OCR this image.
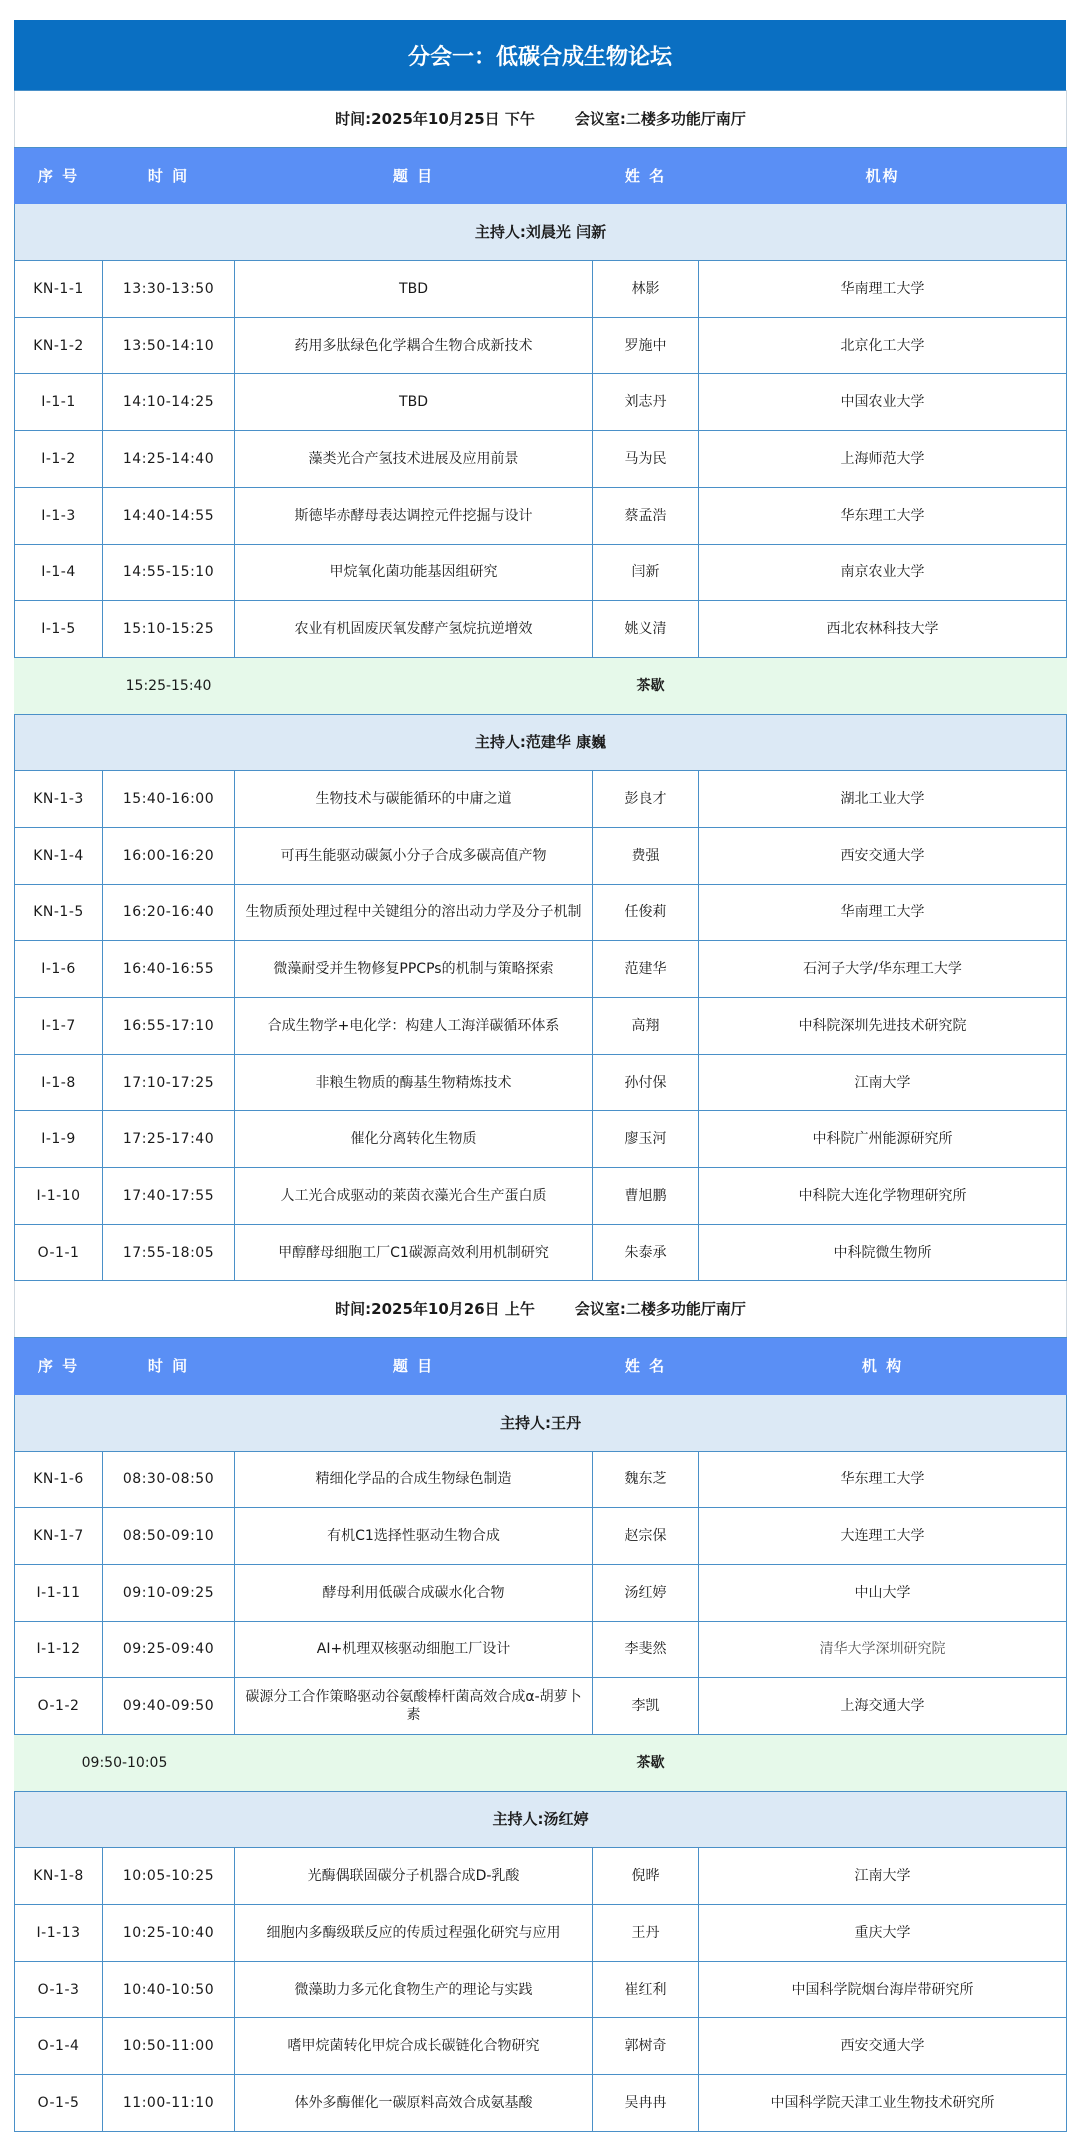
分会一：低碳合成生物论坛
时间:2025年10月25日 下午 会议室:二楼多功能厅南厅				
序 号	时 间	题 目	姓 名	机构
主持人:刘晨光 闫新				
KN-1-1	13:30-13:50	TBD	林影	华南理工大学
KN-1-2	13:50-14:10	药用多肽绿色化学耦合生物合成新技术	罗施中	北京化工大学
I-1-1	14:10-14:25	TBD	刘志丹	中国农业大学
I-1-2	14:25-14:40	藻类光合产氢技术进展及应用前景	马为民	上海师范大学
I-1-3	14:40-14:55	斯德毕赤酵母表达调控元件挖掘与设计	蔡孟浩	华东理工大学
I-1-4	14:55-15:10	甲烷氧化菌功能基因组研究	闫新	南京农业大学
I-1-5	15:10-15:25	农业有机固废厌氧发酵产氢烷抗逆增效	姚义清	西北农林科技大学
	15:25-15:40	茶歇		
主持人:范建华 康巍				
KN-1-3	15:40-16:00	生物技术与碳能循环的中庸之道	彭良才	湖北工业大学
KN-1-4	16:00-16:20	可再生能驱动碳氮小分子合成多碳高值产物	费强	西安交通大学
KN-1-5	16:20-16:40	生物质预处理过程中关键组分的溶出动力学及分子机制	任俊莉	华南理工大学
I-1-6	16:40-16:55	微藻耐受并生物修复PPCPs的机制与策略探索	范建华	石河子大学/华东理工大学
I-1-7	16:55-17:10	合成生物学+电化学：构建人工海洋碳循环体系	高翔	中科院深圳先进技术研究院
I-1-8	17:10-17:25	非粮生物质的酶基生物精炼技术	孙付保	江南大学
I-1-9	17:25-17:40	催化分离转化生物质	廖玉河	中科院广州能源研究所
I-1-10	17:40-17:55	人工光合成驱动的莱茵衣藻光合生产蛋白质	曹旭鹏	中科院大连化学物理研究所
O-1-1	17:55-18:05	甲醇酵母细胞工厂C1碳源高效利用机制研究	朱泰承	中科院微生物所
时间:2025年10月26日 上午 会议室:二楼多功能厅南厅				
序 号	时 间	题 目	姓 名	机 构
主持人:王丹				
KN-1-6	08:30-08:50	精细化学品的合成生物绿色制造	魏东芝	华东理工大学
KN-1-7	08:50-09:10	有机C1选择性驱动生物合成	赵宗保	大连理工大学
I-1-11	09:10-09:25	酵母利用低碳合成碳水化合物	汤红婷	中山大学
I-1-12	09:25-09:40	AI+机理双核驱动细胞工厂设计	李斐然	清华大学深圳研究院
O-1-2	09:40-09:50	碳源分工合作策略驱动谷氨酸棒杆菌高效合成α-胡萝卜素	李凯	上海交通大学
09:50-10:05		茶歇		
主持人:汤红婷				
KN-1-8	10:05-10:25	光酶偶联固碳分子机器合成D-乳酸	倪晔	江南大学
I-1-13	10:25-10:40	细胞内多酶级联反应的传质过程强化研究与应用	王丹	重庆大学
O-1-3	10:40-10:50	微藻助力多元化食物生产的理论与实践	崔红利	中国科学院烟台海岸带研究所
O-1-4	10:50-11:00	嗜甲烷菌转化甲烷合成长碳链化合物研究	郭树奇	西安交通大学
O-1-5	11:00-11:10	体外多酶催化一碳原料高效合成氨基酸	吴冉冉	中国科学院天津工业生物技术研究所
